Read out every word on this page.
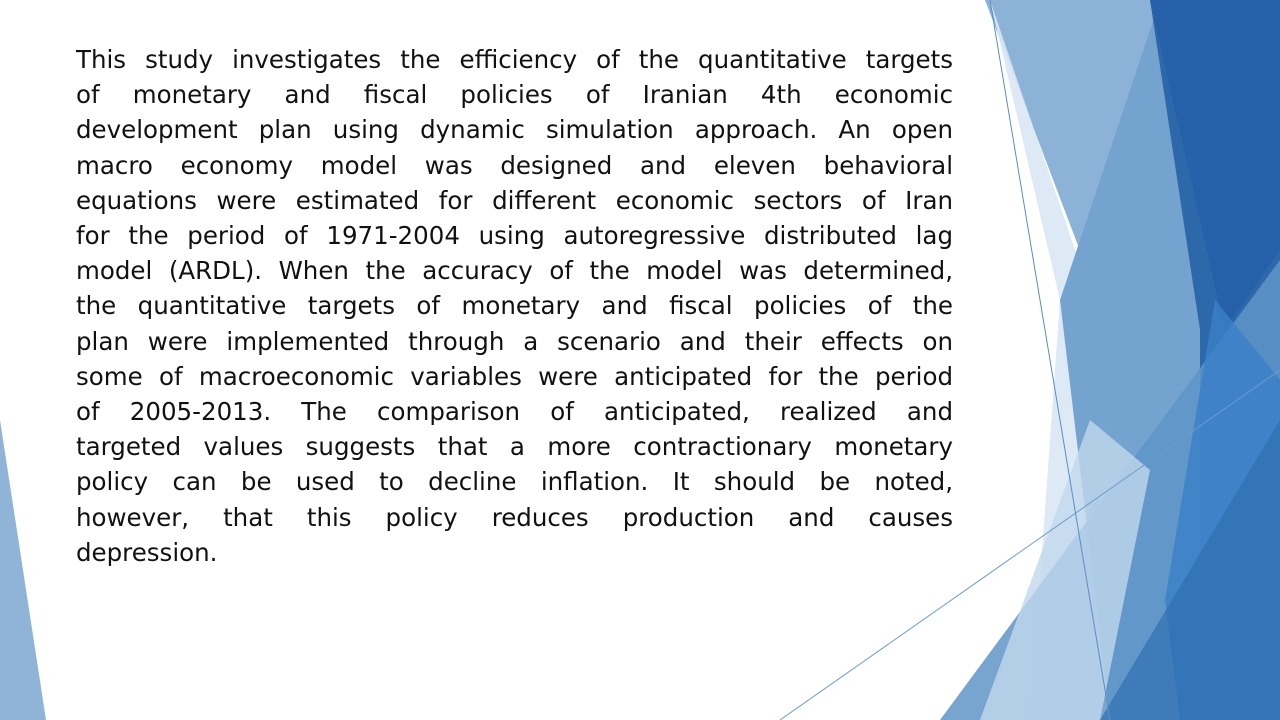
This study investigates the efficiency of the quantitative targets
of monetary and fiscal policies of Iranian 4th economic
development plan using dynamic simulation approach. An open
macro economy model was designed and eleven behavioral
equations were estimated for different economic sectors of Iran
for the period of 1971-2004 using autoregressive distributed lag
model (ARDL). When the accuracy of the model was determined,
the quantitative targets of monetary and fiscal policies of the
plan were implemented through a scenario and their effects on
some of macroeconomic variables were anticipated for the period
of 2005-2013. The comparison of anticipated, realized and
targeted values suggests that a more contractionary monetary
policy can be used to decline inflation. It should be noted,
however, that this policy reduces production and causes
depression.
